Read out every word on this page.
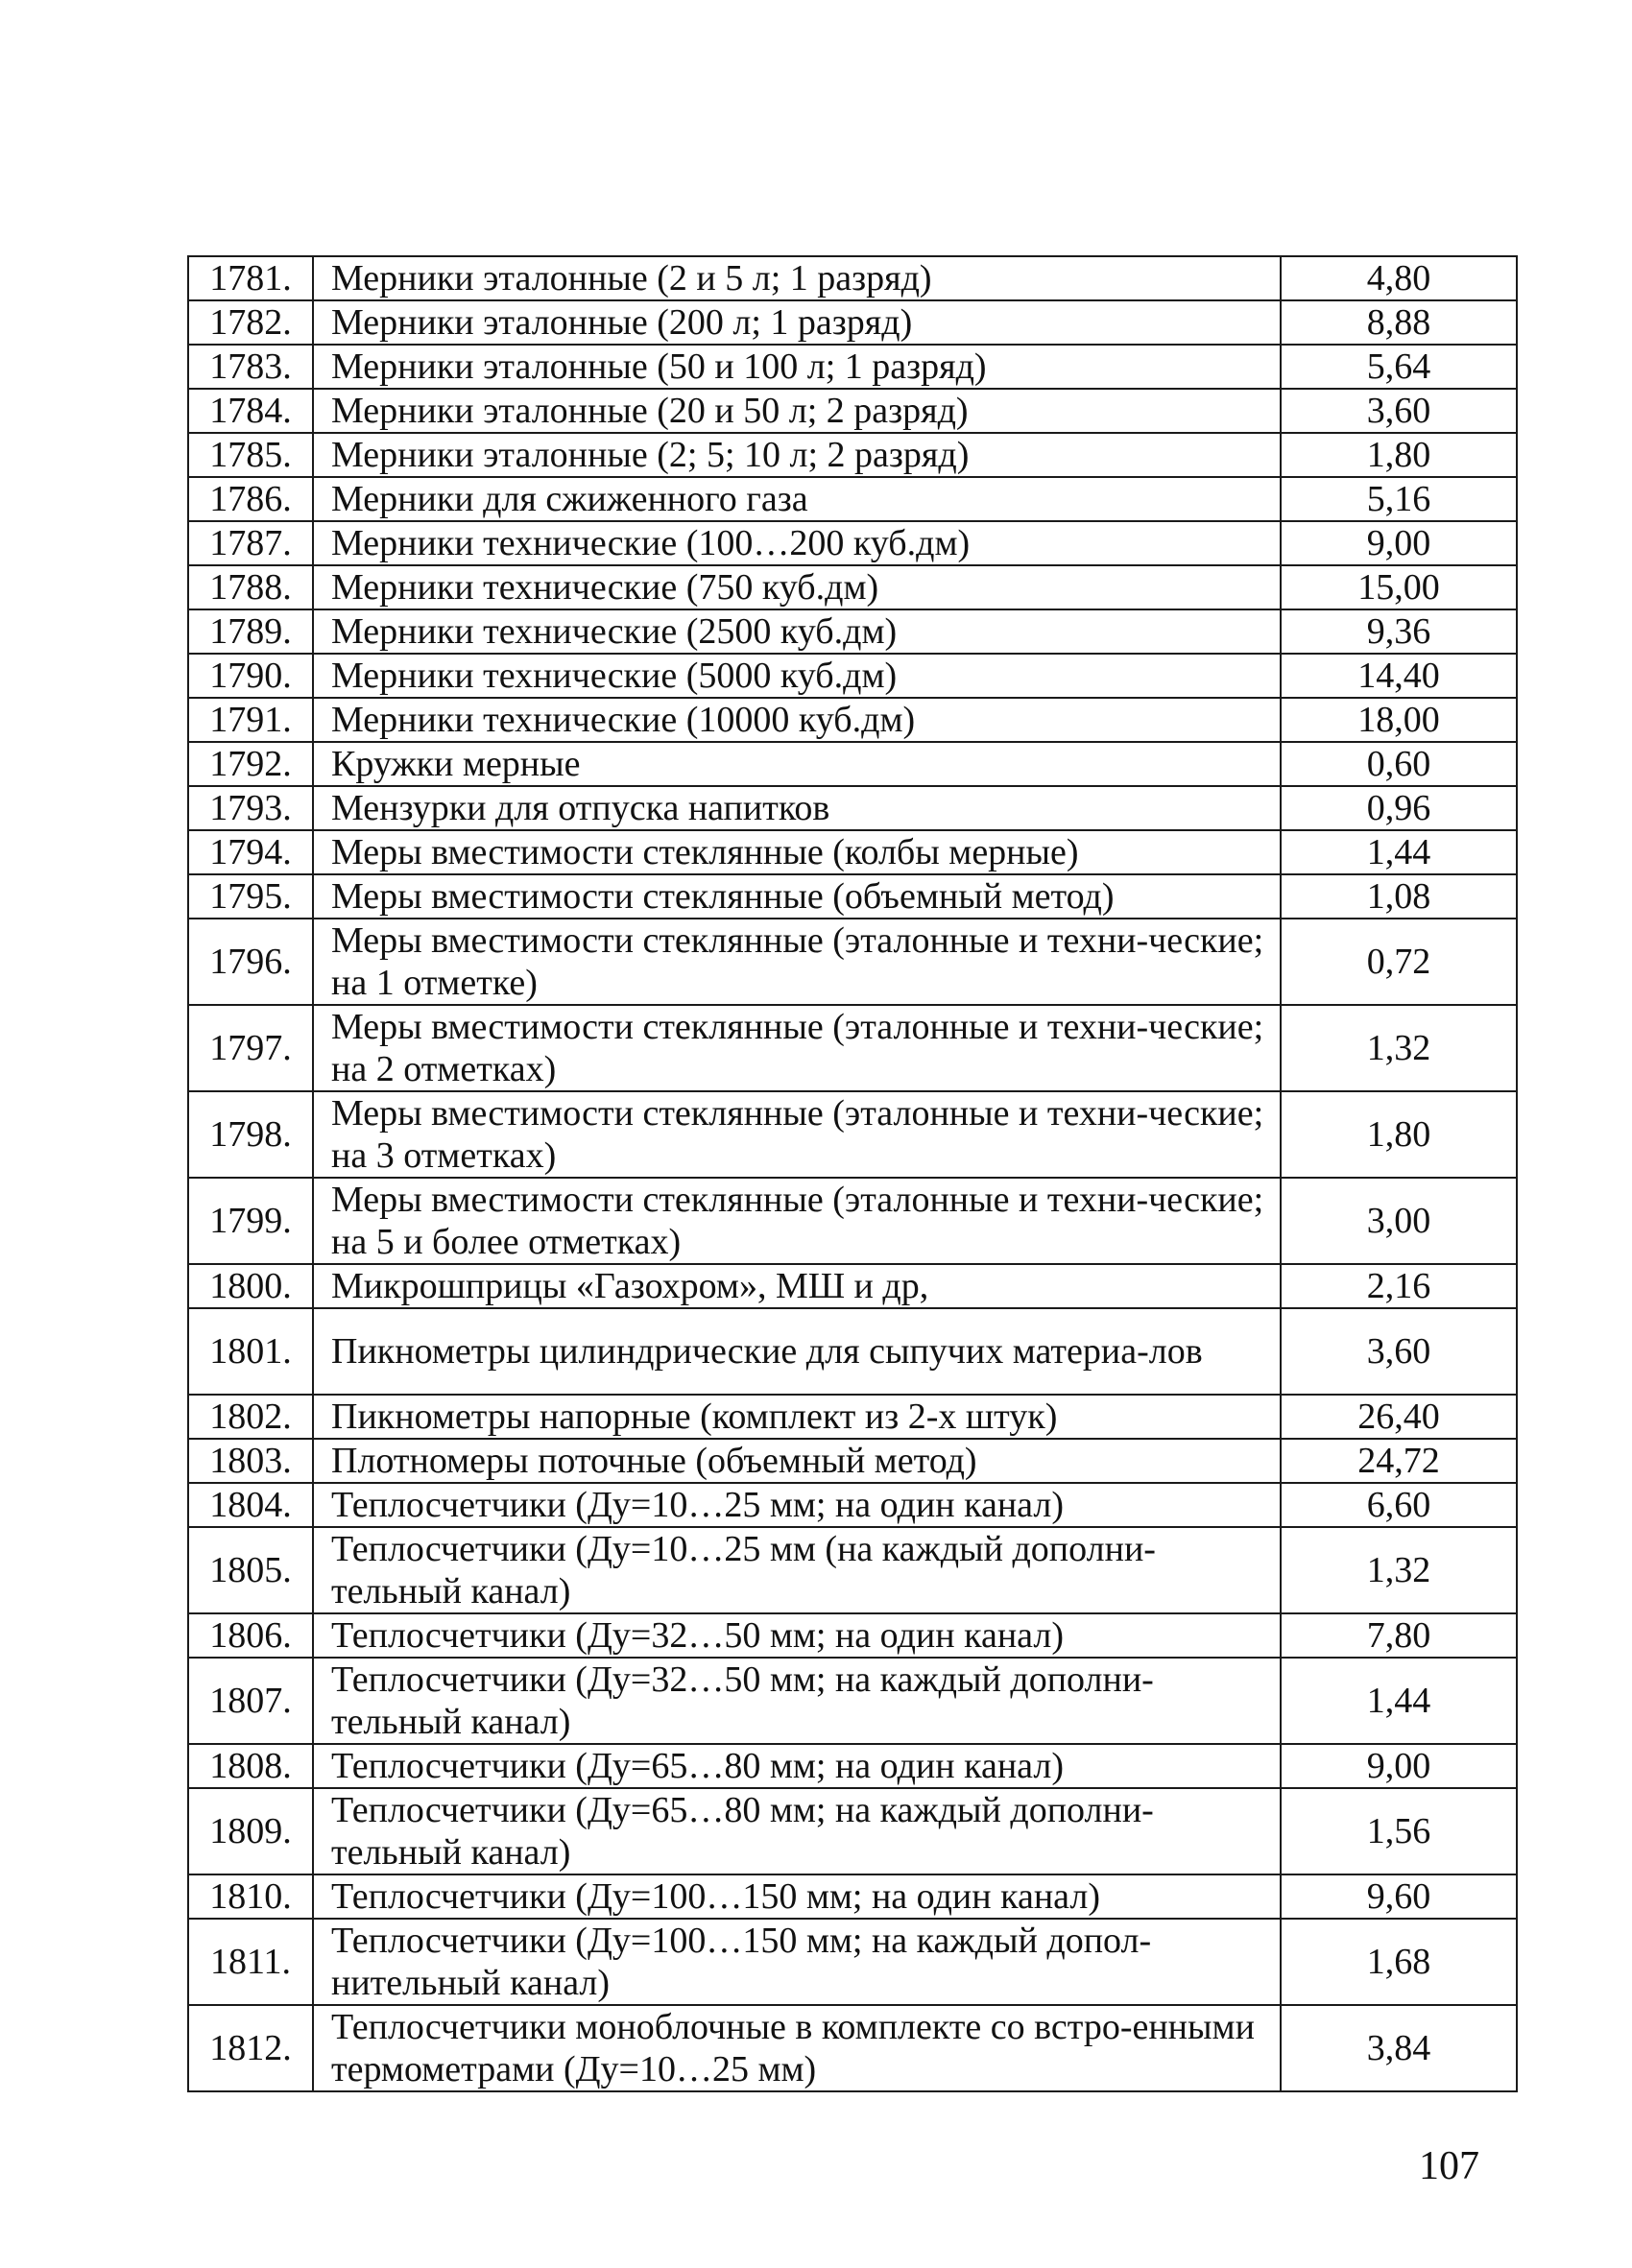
1781.	Мерники эталонные (2 и 5 л; 1 разряд)	4,80
1782.	Мерники эталонные (200 л; 1 разряд)	8,88
1783.	Мерники эталонные (50 и 100 л; 1 разряд)	5,64
1784.	Мерники эталонные (20 и 50 л; 2 разряд)	3,60
1785.	Мерники эталонные (2; 5; 10 л; 2 разряд)	1,80
1786.	Мерники для сжиженного газа	5,16
1787.	Мерники технические (100…200 куб.дм)	9,00
1788.	Мерники технические (750 куб.дм)	15,00
1789.	Мерники технические (2500 куб.дм)	9,36
1790.	Мерники технические (5000 куб.дм)	14,40
1791.	Мерники технические (10000 куб.дм)	18,00
1792.	Кружки мерные	0,60
1793.	Мензурки для отпуска напитков	0,96
1794.	Меры вместимости стеклянные (колбы мерные)	1,44
1795.	Меры вместимости стеклянные (объемный метод)	1,08
1796.	Меры вместимости стеклянные (эталонные и техни-ческие; на 1 отметке)	0,72
1797.	Меры вместимости стеклянные (эталонные и техни-ческие; на 2 отметках)	1,32
1798.	Меры вместимости стеклянные (эталонные и техни-ческие; на 3 отметках)	1,80
1799.	Меры вместимости стеклянные (эталонные и техни-ческие; на 5 и более отметках)	3,00
1800.	Микрошприцы «Газохром», МШ и др,	2,16
1801.	Пикнометры цилиндрические для сыпучих материа-лов	3,60
1802.	Пикнометры напорные (комплект из 2-х штук)	26,40
1803.	Плотномеры поточные (объемный метод)	24,72
1804.	Теплосчетчики (Ду=10…25 мм; на один канал)	6,60
1805.	Теплосчетчики (Ду=10…25 мм (на каждый дополни-тельный канал)	1,32
1806.	Теплосчетчики (Ду=32…50 мм; на один канал)	7,80
1807.	Теплосчетчики (Ду=32…50 мм; на каждый дополни-тельный канал)	1,44
1808.	Теплосчетчики (Ду=65…80 мм; на один канал)	9,00
1809.	Теплосчетчики (Ду=65…80 мм; на каждый дополни-тельный канал)	1,56
1810.	Теплосчетчики (Ду=100…150 мм; на один канал)	9,60
1811.	Теплосчетчики (Ду=100…150 мм; на каждый допол-нительный канал)	1,68
1812.	Теплосчетчики моноблочные в комплекте со встро-енными термометрами (Ду=10…25 мм)	3,84
107
